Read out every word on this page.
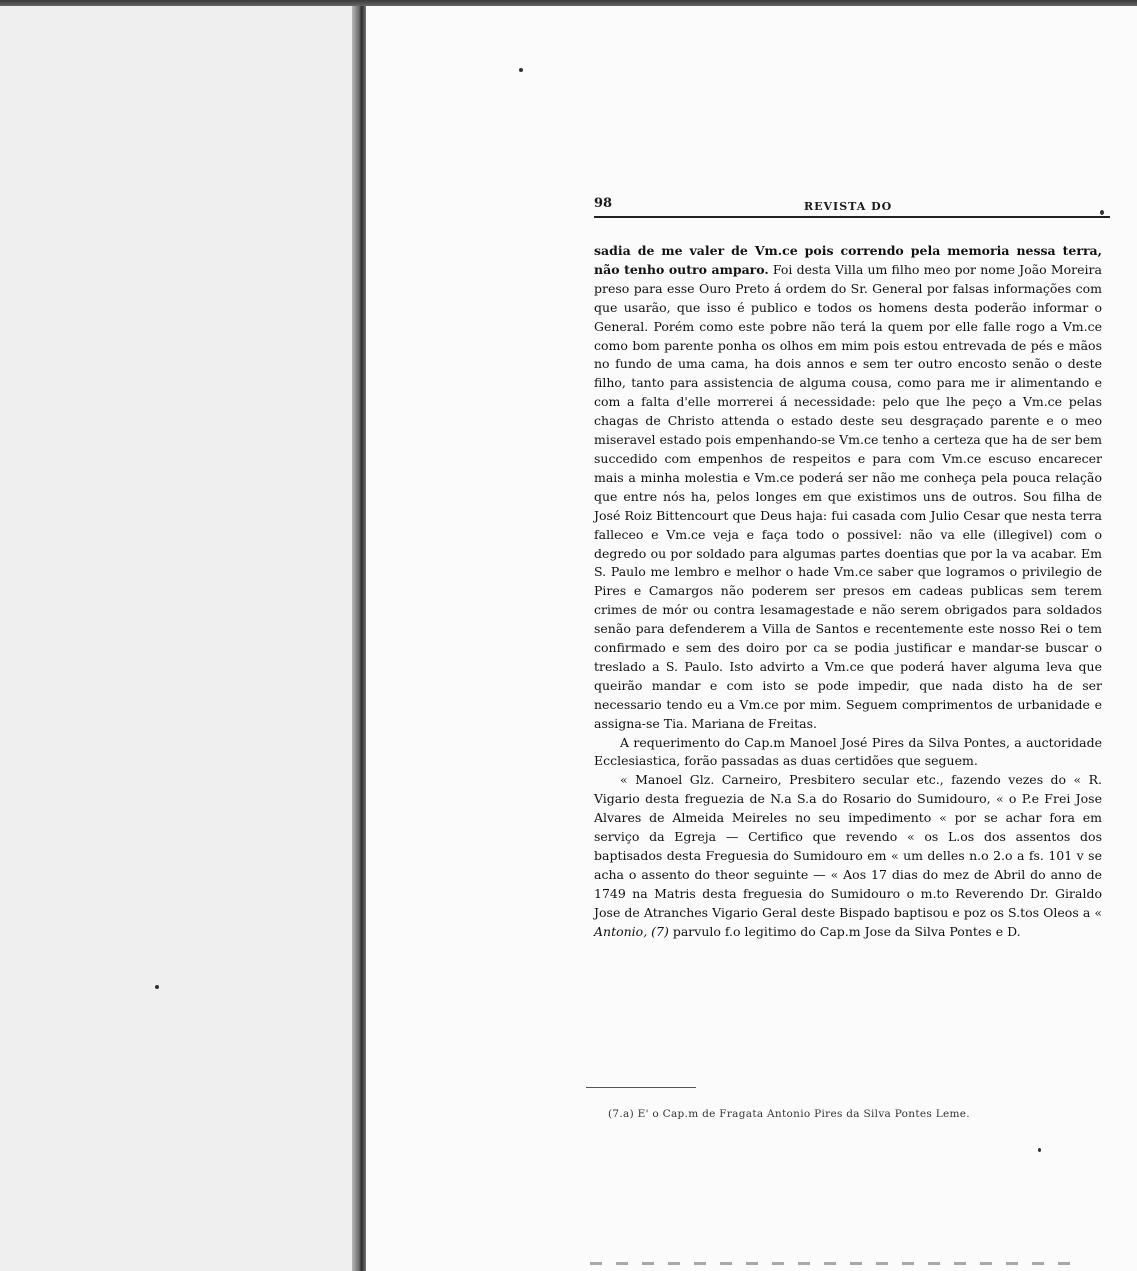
98	REVISTA DO

sadia de me valer de Vm.ce pois correndo pela memoria nessa terra, não tenho outro amparo. Foi desta Villa um filho meo por nome João Moreira preso para esse Ouro Preto á ordem do Sr. General por falsas informações com que usarão, que isso é publico e todos os homens desta poderão informar o General. Porém como este pobre não terá la quem por elle falle rogo a Vm.ce como bom parente ponha os olhos em mim pois estou entrevada de pés e mãos no fundo de uma cama, ha dois annos e sem ter outro encosto senão o deste filho, tanto para assistencia de alguma cousa, como para me ir alimentando e com a falta d'elle morrerei á necessidade: pelo que lhe peço a Vm.ce pelas chagas de Christo attenda o estado deste seu desgraçado parente e o meo miseravel estado pois empenhando-se Vm.ce tenho a certeza que ha de ser bem succedido com empenhos de respeitos e para com Vm.ce escuso encarecer mais a minha molestia e Vm.ce poderá ser não me conheça pela pouca relação que entre nós ha, pelos longes em que existimos uns de outros. Sou filha de José Roiz Bittencourt que Deus haja: fui casada com Julio Cesar que nesta terra falleceo e Vm.ce veja e faça todo o possivel: não va elle (illegivel) com o degredo ou por soldado para algumas partes doentias que por la va acabar. Em S. Paulo me lembro e melhor o hade Vm.ce saber que logramos o privilegio de Pires e Camargos não poderem ser presos em cadeas publicas sem terem crimes de mór ou contra lesamagestade e não serem obrigados para soldados senão para defenderem a Villa de Santos e recentemente este nosso Rei o tem confirmado e sem des doiro por ca se podia justificar e mandar-se buscar o treslado a S. Paulo. Isto advirto a Vm.ce que poderá haver alguma leva que queirão mandar e com isto se pode impedir, que nada disto ha de ser necessario tendo eu a Vm.ce por mim. Seguem comprimentos de urbanidade e assigna-se Tia. Mariana de Freitas.

A requerimento do Cap.m Manoel José Pires da Silva Pontes, a auctoridade Ecclesiastica, forão passadas as duas certidões que seguem.

« Manoel Glz. Carneiro, Presbitero secular etc., fazendo vezes do « R. Vigario desta freguezia de N.a S.a do Rosario do Sumidouro, « o P.e Frei Jose Alvares de Almeida Meireles no seu impedimento « por se achar fora em serviço da Egreja — Certifico que revendo « os L.os dos assentos dos baptisados desta Freguesia do Sumidouro em « um delles n.o 2.o a fs. 101 v se acha o assento do theor seguinte — « Aos 17 dias do mez de Abril do anno de 1749 na Matris desta freguesia do Sumidouro o m.to Reverendo Dr. Giraldo Jose de Atranches Vigario Geral deste Bispado baptisou e poz os S.tos Oleos a « Antonio, (7) parvulo f.o legitimo do Cap.m Jose da Silva Pontes e D.

(7.a) E' o Cap.m de Fragata Antonio Pires da Silva Pontes Leme.
